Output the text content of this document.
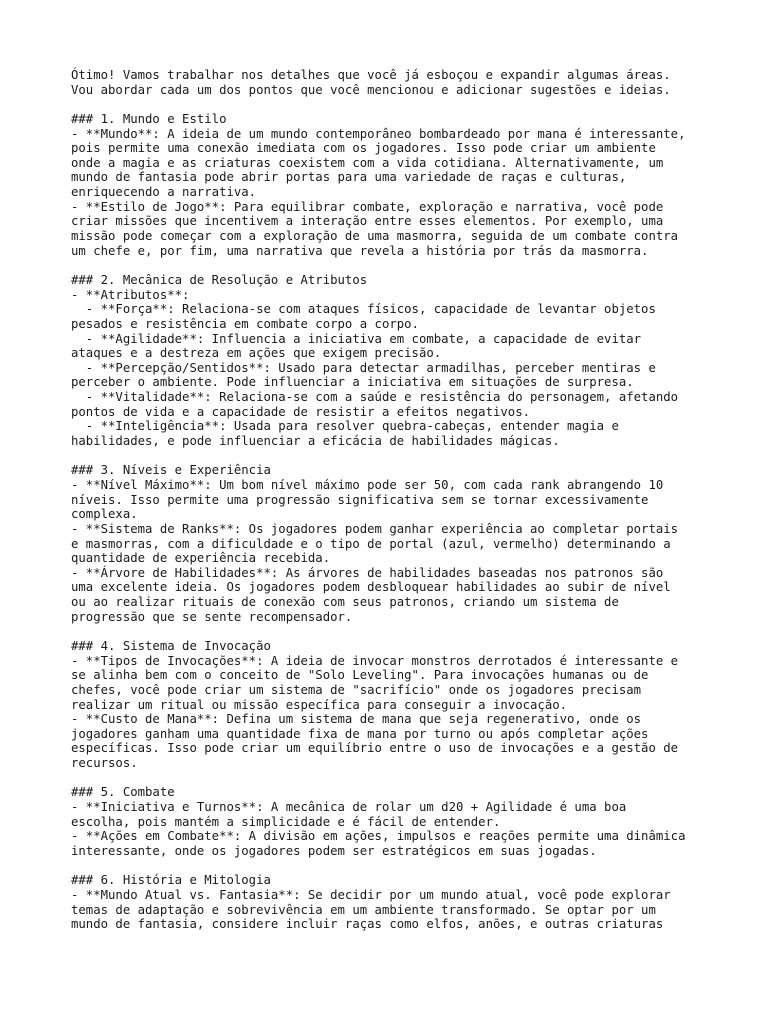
Ótimo! Vamos trabalhar nos detalhes que você já esboçou e expandir algumas áreas.
Vou abordar cada um dos pontos que você mencionou e adicionar sugestões e ideias.
### 1. Mundo e Estilo
- **Mundo**: A ideia de um mundo contemporâneo bombardeado por mana é interessante,
pois permite uma conexão imediata com os jogadores. Isso pode criar um ambiente
onde a magia e as criaturas coexistem com a vida cotidiana. Alternativamente, um
mundo de fantasia pode abrir portas para uma variedade de raças e culturas,
enriquecendo a narrativa.
- **Estilo de Jogo**: Para equilibrar combate, exploração e narrativa, você pode
criar missões que incentivem a interação entre esses elementos. Por exemplo, uma
missão pode começar com a exploração de uma masmorra, seguida de um combate contra
um chefe e, por fim, uma narrativa que revela a história por trás da masmorra.
### 2. Mecânica de Resolução e Atributos
- **Atributos**:
- **Força**: Relaciona-se com ataques físicos, capacidade de levantar objetos
pesados e resistência em combate corpo a corpo.
- **Agilidade**: Influencia a iniciativa em combate, a capacidade de evitar
ataques e a destreza em ações que exigem precisão.
- **Percepção/Sentidos**: Usado para detectar armadilhas, perceber mentiras e
perceber o ambiente. Pode influenciar a iniciativa em situações de surpresa.
- **Vitalidade**: Relaciona-se com a saúde e resistência do personagem, afetando
pontos de vida e a capacidade de resistir a efeitos negativos.
- **Inteligência**: Usada para resolver quebra-cabeças, entender magia e
habilidades, e pode influenciar a eficácia de habilidades mágicas.
### 3. Níveis e Experiência
- **Nível Máximo**: Um bom nível máximo pode ser 50, com cada rank abrangendo 10
níveis. Isso permite uma progressão significativa sem se tornar excessivamente
complexa.
- **Sistema de Ranks**: Os jogadores podem ganhar experiência ao completar portais
e masmorras, com a dificuldade e o tipo de portal (azul, vermelho) determinando a
quantidade de experiência recebida.
- **Árvore de Habilidades**: As árvores de habilidades baseadas nos patronos são
uma excelente ideia. Os jogadores podem desbloquear habilidades ao subir de nível
ou ao realizar rituais de conexão com seus patronos, criando um sistema de
progressão que se sente recompensador.
### 4. Sistema de Invocação
- **Tipos de Invocações**: A ideia de invocar monstros derrotados é interessante e
se alinha bem com o conceito de "Solo Leveling". Para invocações humanas ou de
chefes, você pode criar um sistema de "sacrifício" onde os jogadores precisam
realizar um ritual ou missão específica para conseguir a invocação.
- **Custo de Mana**: Defina um sistema de mana que seja regenerativo, onde os
jogadores ganham uma quantidade fixa de mana por turno ou após completar ações
específicas. Isso pode criar um equilíbrio entre o uso de invocações e a gestão de
recursos.
### 5. Combate
- **Iniciativa e Turnos**: A mecânica de rolar um d20 + Agilidade é uma boa
escolha, pois mantém a simplicidade e é fácil de entender.
- **Ações em Combate**: A divisão em ações, impulsos e reações permite uma dinâmica
interessante, onde os jogadores podem ser estratégicos em suas jogadas.
### 6. História e Mitologia
- **Mundo Atual vs. Fantasia**: Se decidir por um mundo atual, você pode explorar
temas de adaptação e sobrevivência em um ambiente transformado. Se optar por um
mundo de fantasia, considere incluir raças como elfos, anões, e outras criaturas
